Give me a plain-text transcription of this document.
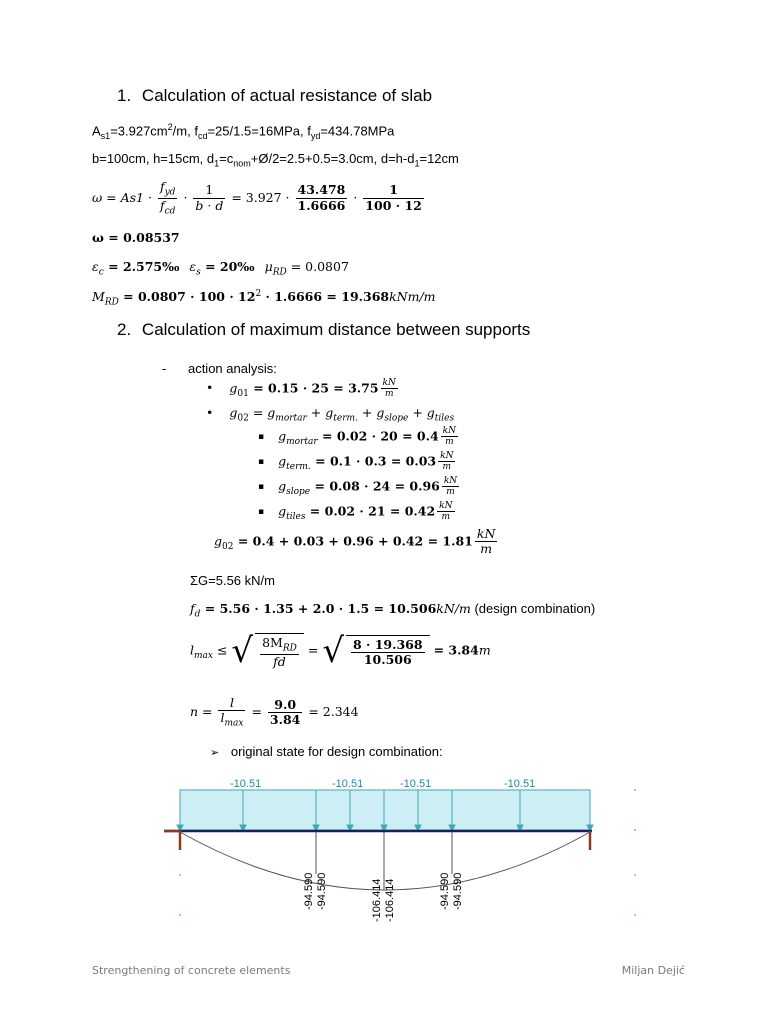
1. Calculation of actual resistance of slab
$A_{s1}=3.927cm^2/m$, $f_{cd}=25/1.5=16MPa$, $f_{yd}=434.78MPa$
b=100cm, h=15cm, $d_1=c_{nom}+Ø/2=2.5+0.5=3.0cm$, $d=h-d_1=12cm$
$\omega = As1 \cdot \frac{f_{yd}}{f_{cd}} \cdot \frac{1}{b \cdot d} = 3.927 \cdot \frac{43.478}{1.6666} \cdot \frac{1}{100 \cdot 12}$
ω = 0.08537
$\varepsilon_c$ = 2.575‰ $\varepsilon_s$ = 20‰ $\mu_{RD} = 0.0807$
$M_{RD} = 0.0807 \cdot 100 \cdot 12^2 \cdot 1.6666 = 19.368kNm/m$
2. Calculation of maximum distance between supports
- action analysis:
• $g_{01} = 0.15 \cdot 25 = 3.75 \frac{kN}{m}$
• $g_{02} = g_{mortar} + g_{term.} + g_{slope} + g_{tiles}$
▪ $g_{mortar} = 0.02 \cdot 20 = 0.4 \frac{kN}{m}$
▪ $g_{term.} = 0.1 \cdot 0.3 = 0.03 \frac{kN}{m}$
▪ $g_{slope} = 0.08 \cdot 24 = 0.96 \frac{kN}{m}$
▪ $g_{tiles} = 0.02 \cdot 21 = 0.42 \frac{kN}{m}$
$g_{02} = 0.4 + 0.03 + 0.96 + 0.42 = 1.81 \frac{kN}{m}$
ΣG=5.56 kN/m
$f_d = 5.56 \cdot 1.35 + 2.0 \cdot 1.5 = 10.506kN/m$ (design combination)
$l_{max}$ ≤ √ $\frac{8M_{RD}}{fd}$ = √ $\frac{8 \cdot 19.368}{10.506} = 3.84m$
$n = \frac{l}{l_{max}} = \frac{9.0}{3.84} = 2.344$
➢ original state for design combination:
-10.51	-10.51	-10.51	-10.51
-94.590 -94.590	-106.414 -106.414	-94.590 -94.590
Strengthening of concrete elements	Miljan Dejić
